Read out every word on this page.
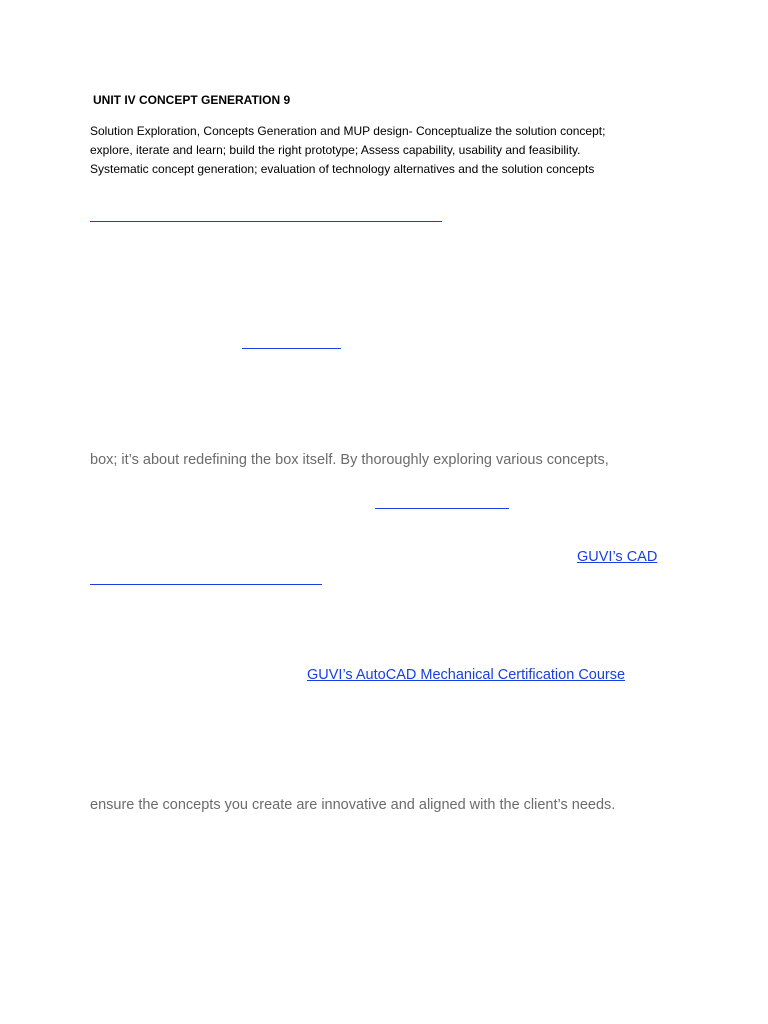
UNIT IV CONCEPT GENERATION 9
Solution Exploration, Concepts Generation and MUP design- Conceptualize the solution concept;
explore, iterate and learn; build the right prototype; Assess capability, usability and feasibility.
Systematic concept generation; evaluation of technology alternatives and the solution concepts
box; it’s about redefining the box itself. By thoroughly exploring various concepts,
GUVI’s CAD
GUVI’s AutoCAD Mechanical Certification Course
ensure the concepts you create are innovative and aligned with the client’s needs.
